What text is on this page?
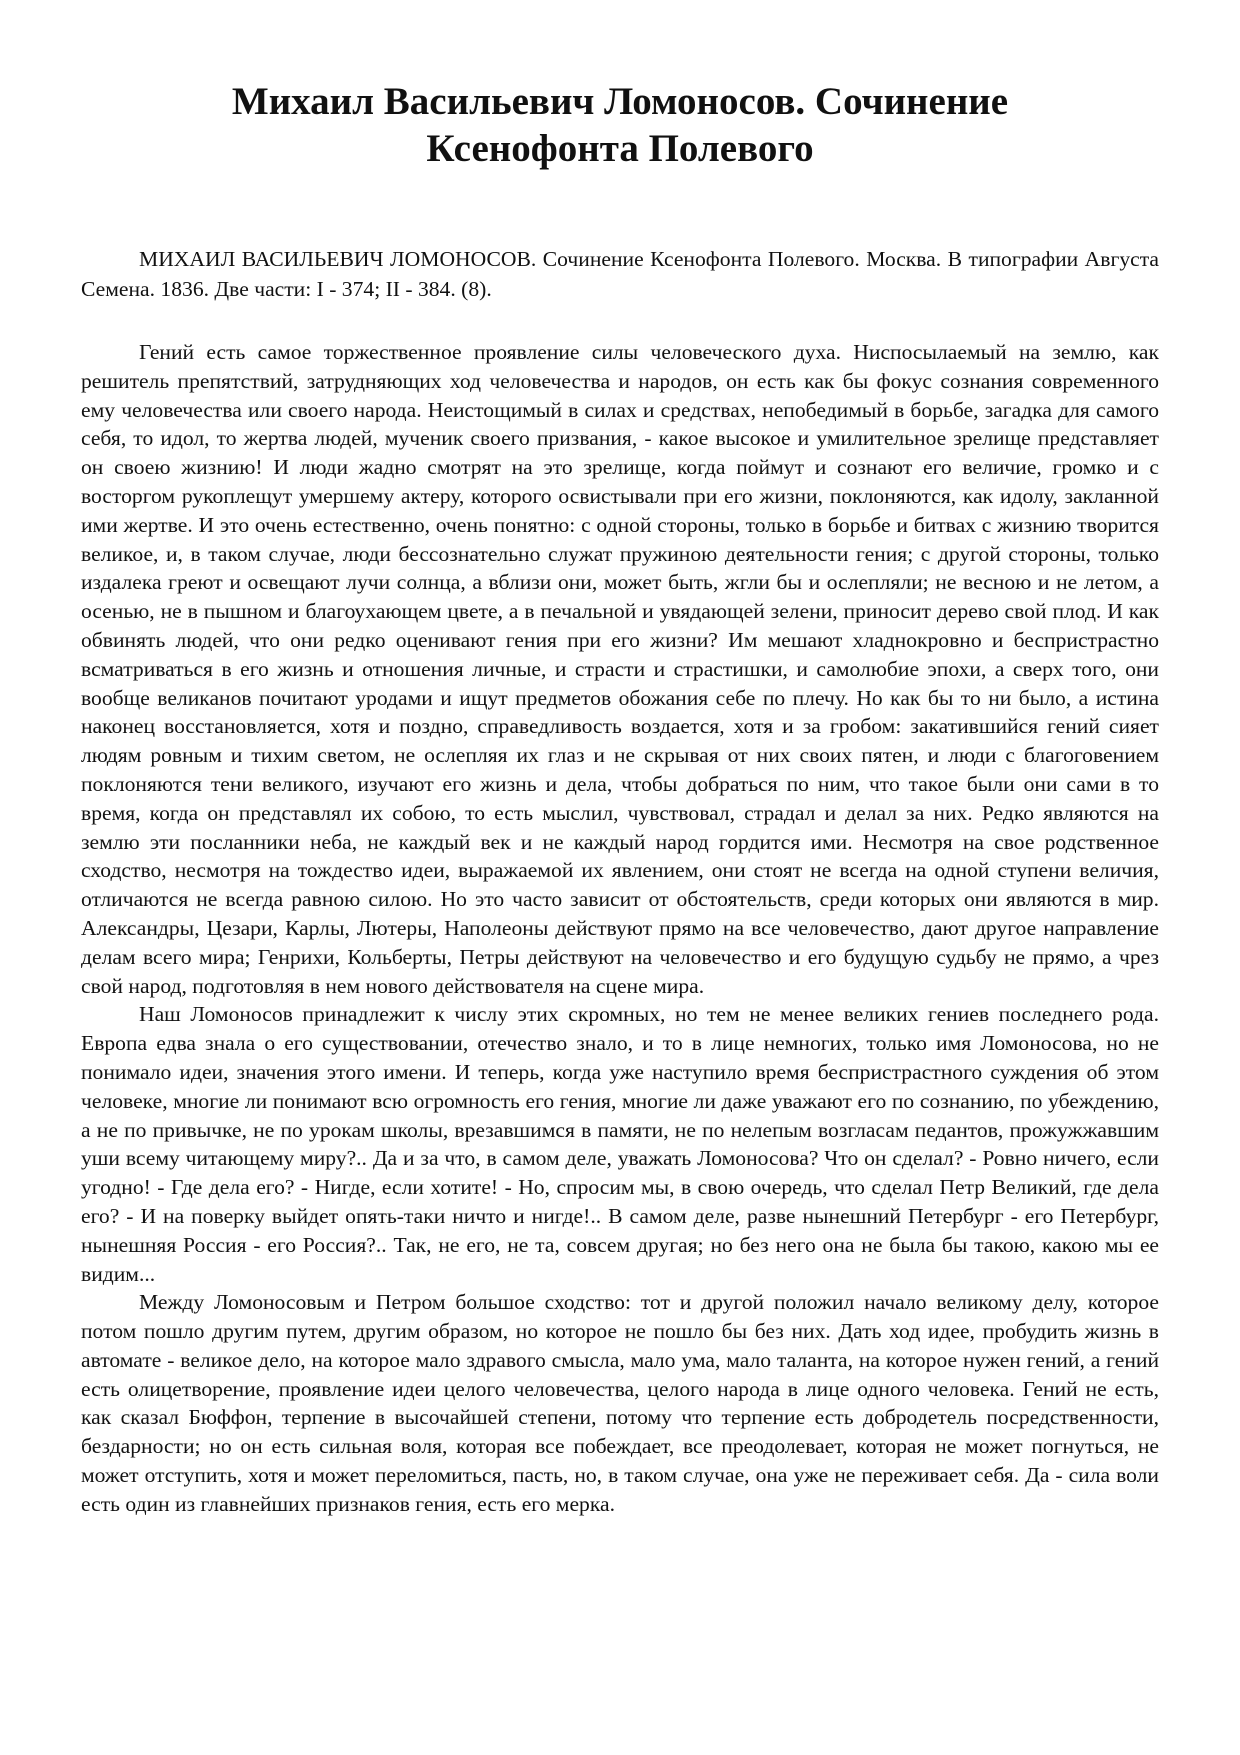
Михаил Васильевич Ломоносов. Сочинение
Ксенофонта Полевого

МИХАИЛ ВАСИЛЬЕВИЧ ЛОМОНОСОВ. Сочинение Ксенофонта Полевого. Москва. В типографии Августа Семена. 1836. Две части: I - 374; II - 384. (8).

Гений есть самое торжественное проявление силы человеческого духа. Ниспосылаемый на землю, как решитель препятствий, затрудняющих ход человечества и народов, он есть как бы фокус сознания современного ему человечества или своего народа. Неистощимый в силах и средствах, непобедимый в борьбе, загадка для самого себя, то идол, то жертва людей, мученик своего призвания, - какое высокое и умилительное зрелище представляет он своею жизнию! И люди жадно смотрят на это зрелище, когда поймут и сознают его величие, громко и с восторгом рукоплещут умершему актеру, которого освистывали при его жизни, поклоняются, как идолу, закланной ими жертве. И это очень естественно, очень понятно: с одной стороны, только в борьбе и битвах с жизнию творится великое, и, в таком случае, люди бессознательно служат пружиною деятельности гения; с другой стороны, только издалека греют и освещают лучи солнца, а вблизи они, может быть, жгли бы и ослепляли; не весною и не летом, а осенью, не в пышном и благоухающем цвете, а в печальной и увядающей зелени, приносит дерево свой плод. И как обвинять людей, что они редко оценивают гения при его жизни? Им мешают хладнокровно и беспристрастно всматриваться в его жизнь и отношения личные, и страсти и страстишки, и самолюбие эпохи, а сверх того, они вообще великанов почитают уродами и ищут предметов обожания себе по плечу. Но как бы то ни было, а истина наконец восстановляется, хотя и поздно, справедливость воздается, хотя и за гробом: закатившийся гений сияет людям ровным и тихим светом, не ослепляя их глаз и не скрывая от них своих пятен, и люди с благоговением поклоняются тени великого, изучают его жизнь и дела, чтобы добраться по ним, что такое были они сами в то время, когда он представлял их собою, то есть мыслил, чувствовал, страдал и делал за них. Редко являются на землю эти посланники неба, не каждый век и не каждый народ гордится ими. Несмотря на свое родственное сходство, несмотря на тождество идеи, выражаемой их явлением, они стоят не всегда на одной ступени величия, отличаются не всегда равною силою. Но это часто зависит от обстоятельств, среди которых они являются в мир. Александры, Цезари, Карлы, Лютеры, Наполеоны действуют прямо на все человечество, дают другое направление делам всего мира; Генрихи, Кольберты, Петры действуют на человечество и его будущую судьбу не прямо, а чрез свой народ, подготовляя в нем нового действователя на сцене мира.

Наш Ломоносов принадлежит к числу этих скромных, но тем не менее великих гениев последнего рода. Европа едва знала о его существовании, отечество знало, и то в лице немногих, только имя Ломоносова, но не понимало идеи, значения этого имени. И теперь, когда уже наступило время беспристрастного суждения об этом человеке, многие ли понимают всю огромность его гения, многие ли даже уважают его по сознанию, по убеждению, а не по привычке, не по урокам школы, врезавшимся в памяти, не по нелепым возгласам педантов, прожужжавшим уши всему читающему миру?.. Да и за что, в самом деле, уважать Ломоносова? Что он сделал? - Ровно ничего, если угодно! - Где дела его? - Нигде, если хотите! - Но, спросим мы, в свою очередь, что сделал Петр Великий, где дела его? - И на поверку выйдет опять-таки ничто и нигде!.. В самом деле, разве нынешний Петербург - его Петербург, нынешняя Россия - его Россия?.. Так, не его, не та, совсем другая; но без него она не была бы такою, какою мы ее видим...

Между Ломоносовым и Петром большое сходство: тот и другой положил начало великому делу, которое потом пошло другим путем, другим образом, но которое не пошло бы без них. Дать ход идее, пробудить жизнь в автомате - великое дело, на которое мало здравого смысла, мало ума, мало таланта, на которое нужен гений, а гений есть олицетворение, проявление идеи целого человечества, целого народа в лице одного человека. Гений не есть, как сказал Бюффон, терпение в высочайшей степени, потому что терпение есть добродетель посредственности, бездарности; но он есть сильная воля, которая все побеждает, все преодолевает, которая не может погнуться, не может отступить, хотя и может переломиться, пасть, но, в таком случае, она уже не переживает себя. Да - сила воли есть один из главнейших признаков гения, есть его мерка.
